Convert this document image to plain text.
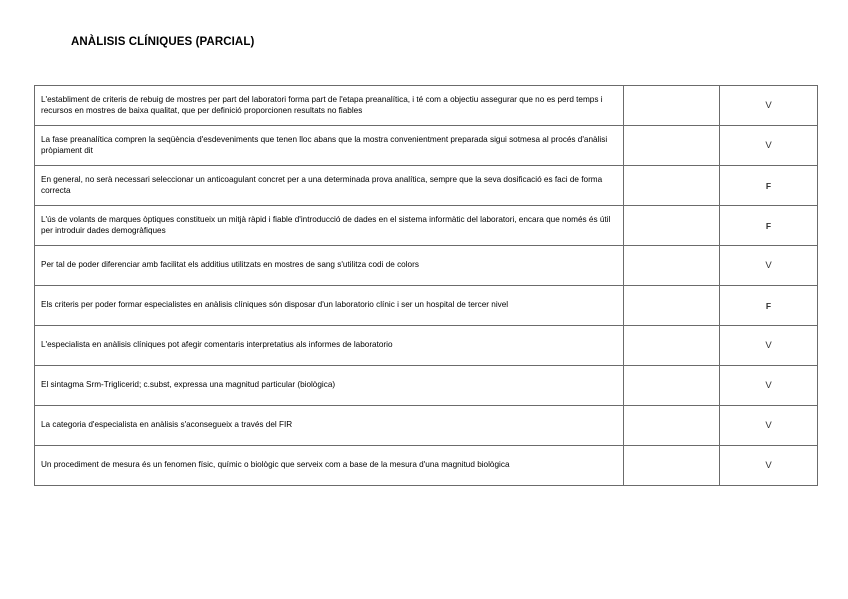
ANÀLISIS CLÍNIQUES (PARCIAL)
L'establiment de criteris de rebuig de mostres per part del laboratori forma part de l'etapa preanalítica, i té com a objectiu assegurar que no es perd temps i recursos en mostres de baixa qualitat, que per definició proporcionen resultats no fiables		V
La fase preanalítica compren la seqüència d'esdeveniments que tenen lloc abans que la mostra convenientment preparada sigui sotmesa al procés d'anàlisi pròpiament dit		V
En general, no serà necessari seleccionar un anticoagulant concret per a una determinada prova analítica, sempre que la seva dosificació es faci de forma correcta		F
L'ús de volants de marques òptiques constitueix un mitjà ràpid i fiable d'introducció de dades en el sistema informàtic del laboratori, encara que només és útil per introduir dades demogràfiques		F
Per tal de poder diferenciar amb facilitat els additius utilitzats en mostres de sang s'utilitza codi de colors		V
Els criteris per poder formar especialistes en anàlisis clíniques són disposar d'un laboratorio clínic i ser un hospital de tercer nivel		F
L'especialista en anàlisis clíniques pot afegir comentaris interpretatius als informes de laboratorio		V
El sintagma Srm-Triglicerid; c.subst, expressa una magnitud particular (biològica)		V
La categoria d'especialista en anàlisis s'aconsegueix a través del FIR		V
Un procediment de mesura és un fenomen físic, químic o biològic que serveix com a base de la mesura d'una magnitud biològica		V
